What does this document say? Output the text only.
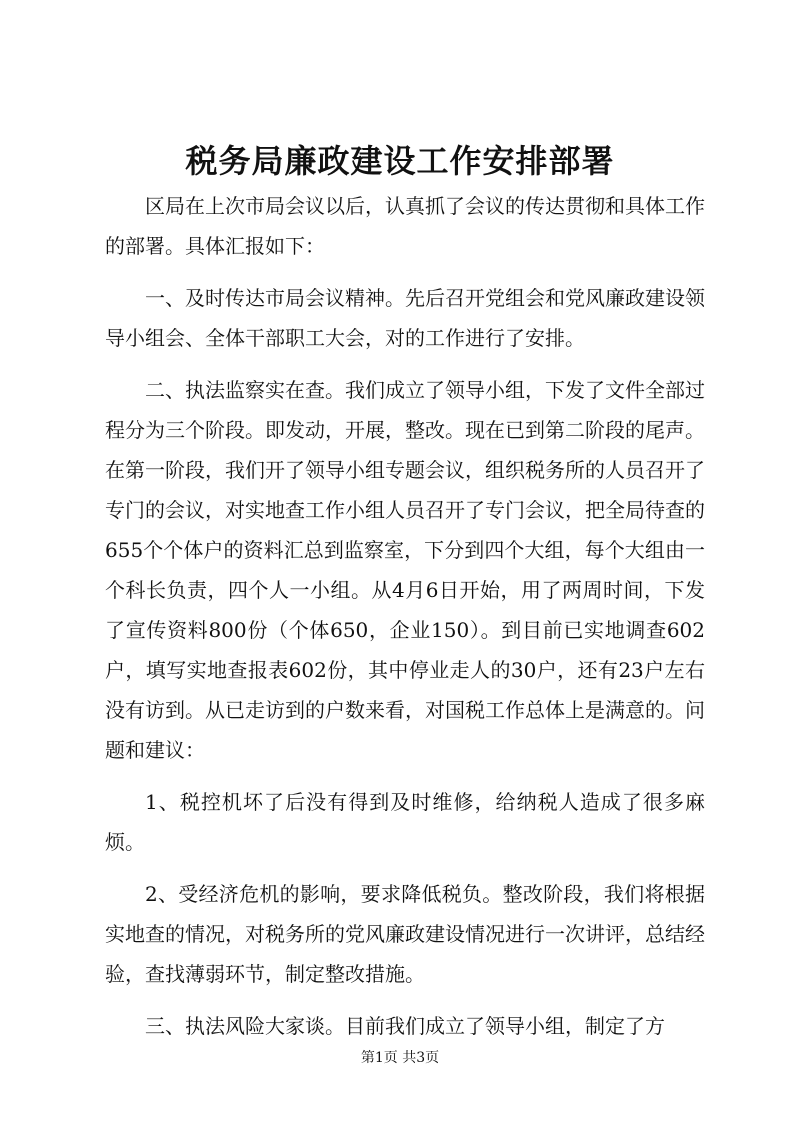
税务局廉政建设工作安排部署

区局在上次市局会议以后，认真抓了会议的传达贯彻和具体工作的部署。具体汇报如下：

一、及时传达市局会议精神。先后召开党组会和党风廉政建设领导小组会、全体干部职工大会，对的工作进行了安排。

二、执法监察实在查。我们成立了领导小组，下发了文件全部过程分为三个阶段。即发动，开展，整改。现在已到第二阶段的尾声。在第一阶段，我们开了领导小组专题会议，组织税务所的人员召开了专门的会议，对实地查工作小组人员召开了专门会议，把全局待查的655个个体户的资料汇总到监察室，下分到四个大组，每个大组由一个科长负责，四个人一小组。从4月6日开始，用了两周时间，下发了宣传资料800份（个体650，企业150）。到目前已实地调查602户，填写实地查报表602份，其中停业走人的30户，还有23户左右没有访到。从已走访到的户数来看，对国税工作总体上是满意的。问题和建议：

1、税控机坏了后没有得到及时维修，给纳税人造成了很多麻烦。

2、受经济危机的影响，要求降低税负。整改阶段，我们将根据实地查的情况，对税务所的党风廉政建设情况进行一次讲评，总结经验，查找薄弱环节，制定整改措施。

三、执法风险大家谈。目前我们成立了领导小组，制定了方

第1页 共3页
